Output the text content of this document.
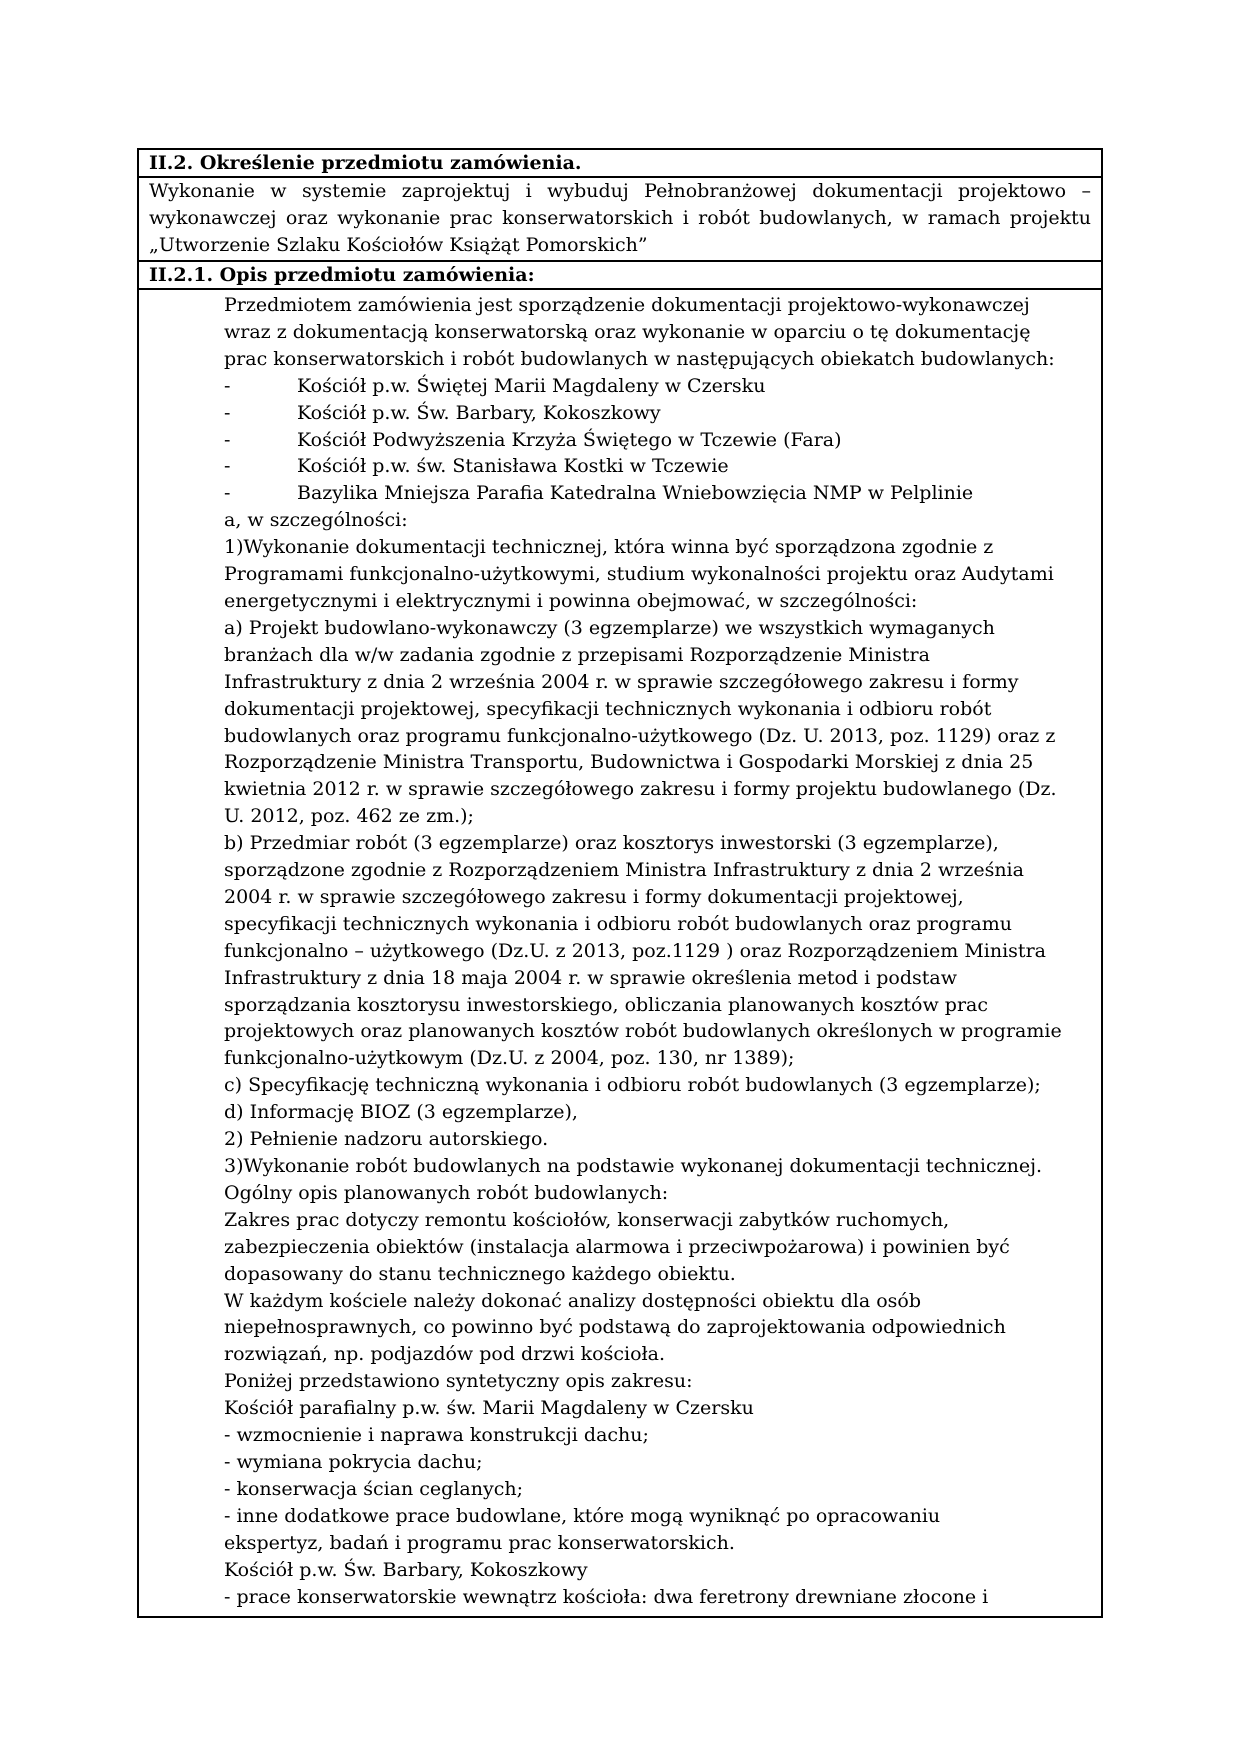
II.2. Określenie przedmiotu zamówienia.
Wykonanie w systemie zaprojektuj i wybuduj Pełnobranżowej dokumentacji projektowo – wykonawczej oraz wykonanie prac konserwatorskich i robót budowlanych, w ramach projektu „Utworzenie Szlaku Kościołów Książąt Pomorskich”
II.2.1. Opis przedmiotu zamówienia:
Przedmiotem zamówienia jest sporządzenie dokumentacji projektowo-wykonawczej
wraz z dokumentacją konserwatorską oraz wykonanie w oparciu o tę dokumentację
prac konserwatorskich i robót budowlanych w następujących obiekatch budowlanych:
-	Kościół p.w. Świętej Marii Magdaleny w Czersku
-	Kościół p.w. Św. Barbary, Kokoszkowy
-	Kościół Podwyższenia Krzyża Świętego w Tczewie (Fara)
-	Kościół p.w. św. Stanisława Kostki w Tczewie
-	Bazylika Mniejsza Parafia Katedralna Wniebowzięcia NMP w Pelplinie
a, w szczególności:
1)Wykonanie dokumentacji technicznej, która winna być sporządzona zgodnie z
Programami funkcjonalno-użytkowymi, studium wykonalności projektu oraz Audytami
energetycznymi i elektrycznymi i powinna obejmować, w szczególności:
a) Projekt budowlano-wykonawczy (3 egzemplarze) we wszystkich wymaganych
branżach dla w/w zadania zgodnie z przepisami Rozporządzenie Ministra
Infrastruktury z dnia 2 września 2004 r. w sprawie szczegółowego zakresu i formy
dokumentacji projektowej, specyfikacji technicznych wykonania i odbioru robót
budowlanych oraz programu funkcjonalno-użytkowego (Dz. U. 2013, poz. 1129) oraz z
Rozporządzenie Ministra Transportu, Budownictwa i Gospodarki Morskiej z dnia 25
kwietnia 2012 r. w sprawie szczegółowego zakresu i formy projektu budowlanego (Dz.
U. 2012, poz. 462 ze zm.);
b) Przedmiar robót (3 egzemplarze) oraz kosztorys inwestorski (3 egzemplarze),
sporządzone zgodnie z Rozporządzeniem Ministra Infrastruktury z dnia 2 września
2004 r. w sprawie szczegółowego zakresu i formy dokumentacji projektowej,
specyfikacji technicznych wykonania i odbioru robót budowlanych oraz programu
funkcjonalno – użytkowego (Dz.U. z 2013, poz.1129 ) oraz Rozporządzeniem Ministra
Infrastruktury z dnia 18 maja 2004 r. w sprawie określenia metod i podstaw
sporządzania kosztorysu inwestorskiego, obliczania planowanych kosztów prac
projektowych oraz planowanych kosztów robót budowlanych określonych w programie
funkcjonalno-użytkowym (Dz.U. z 2004, poz. 130, nr 1389);
c) Specyfikację techniczną wykonania i odbioru robót budowlanych (3 egzemplarze);
d) Informację BIOZ (3 egzemplarze),
2) Pełnienie nadzoru autorskiego.
3)Wykonanie robót budowlanych na podstawie wykonanej dokumentacji technicznej.
Ogólny opis planowanych robót budowlanych:
Zakres prac dotyczy remontu kościołów, konserwacji zabytków ruchomych,
zabezpieczenia obiektów (instalacja alarmowa i przeciwpożarowa) i powinien być
dopasowany do stanu technicznego każdego obiektu.
W każdym kościele należy dokonać analizy dostępności obiektu dla osób
niepełnosprawnych, co powinno być podstawą do zaprojektowania odpowiednich
rozwiązań, np. podjazdów pod drzwi kościoła.
Poniżej przedstawiono syntetyczny opis zakresu:
Kościół parafialny p.w. św. Marii Magdaleny w Czersku
- wzmocnienie i naprawa konstrukcji dachu;
- wymiana pokrycia dachu;
- konserwacja ścian ceglanych;
- inne dodatkowe prace budowlane, które mogą wyniknąć po opracowaniu
ekspertyz, badań i programu prac konserwatorskich.
Kościół p.w. Św. Barbary, Kokoszkowy
- prace konserwatorskie wewnątrz kościoła: dwa feretrony drewniane złocone i
